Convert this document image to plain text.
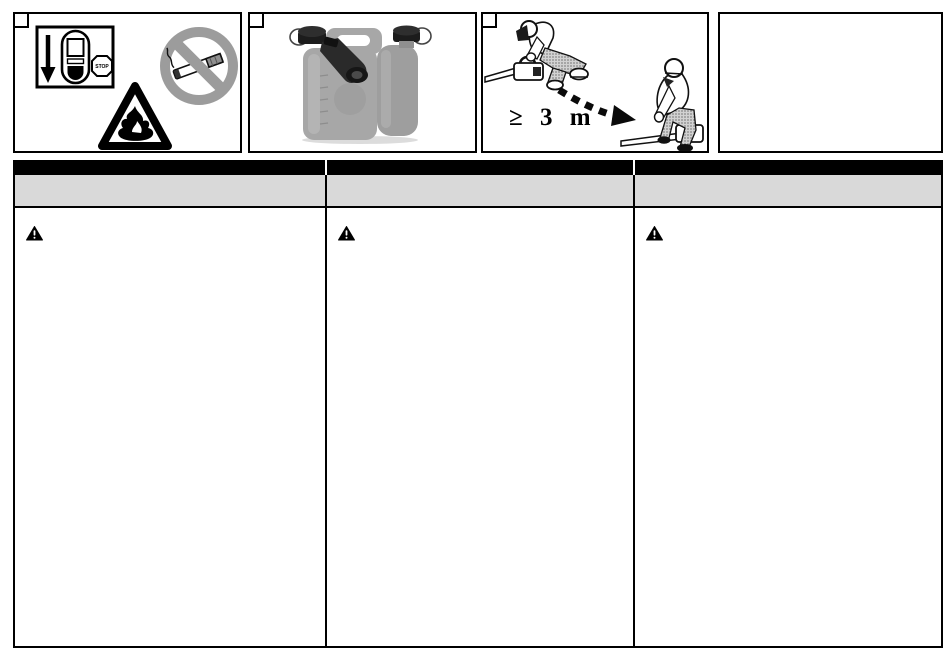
STOP
≥ 3 m
